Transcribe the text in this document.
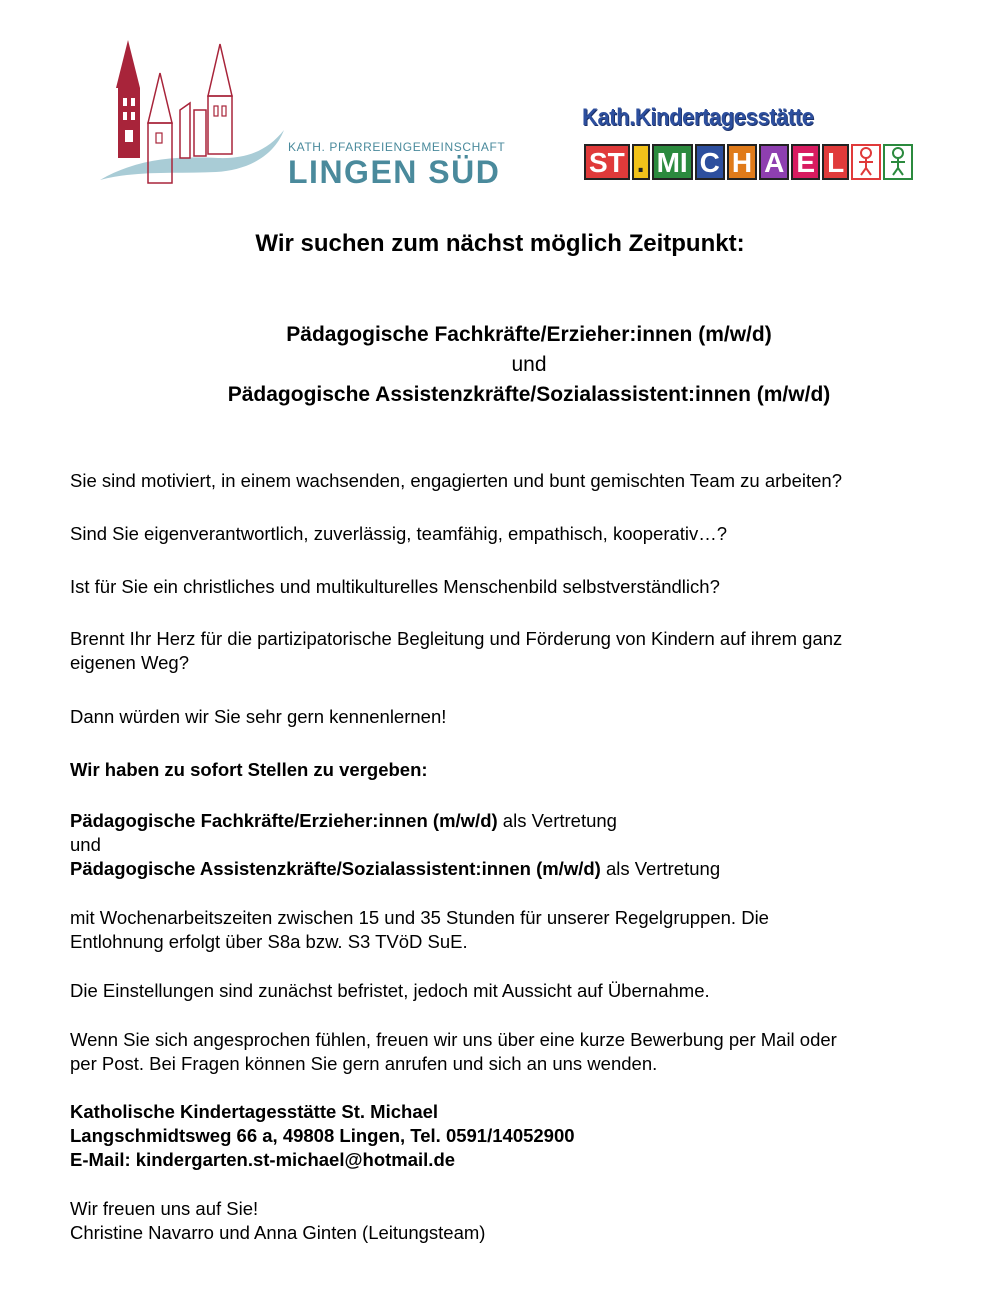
KATH. PFARREIENGEMEINSCHAFT
LINGEN SÜD
Kath.Kindertagesstätte
ST . MI C H A E L
Wir suchen zum nächst möglich Zeitpunkt:
Pädagogische Fachkräfte/Erzieher:innen (m/w/d)
und
Pädagogische Assistenzkräfte/Sozialassistent:innen (m/w/d)

Sie sind motiviert, in einem wachsenden, engagierten und bunt gemischten Team zu arbeiten?

Sind Sie eigenverantwortlich, zuverlässig, teamfähig, empathisch, kooperativ…?

Ist für Sie ein christliches und multikulturelles Menschenbild selbstverständlich?

Brennt Ihr Herz für die partizipatorische Begleitung und Förderung von Kindern auf ihrem ganz
eigenen Weg?

Dann würden wir Sie sehr gern kennenlernen!

Wir haben zu sofort Stellen zu vergeben:

Pädagogische Fachkräfte/Erzieher:innen (m/w/d) als Vertretung
und
Pädagogische Assistenzkräfte/Sozialassistent:innen (m/w/d) als Vertretung

mit Wochenarbeitszeiten zwischen 15 und 35 Stunden für unserer Regelgruppen. Die
Entlohnung erfolgt über S8a bzw. S3 TVöD SuE.

Die Einstellungen sind zunächst befristet, jedoch mit Aussicht auf Übernahme.

Wenn Sie sich angesprochen fühlen, freuen wir uns über eine kurze Bewerbung per Mail oder
per Post. Bei Fragen können Sie gern anrufen und sich an uns wenden.

Katholische Kindertagesstätte St. Michael
Langschmidtsweg 66 a, 49808 Lingen, Tel. 0591/14052900
E-Mail: kindergarten.st-michael@hotmail.de

Wir freuen uns auf Sie!
Christine Navarro und Anna Ginten (Leitungsteam)
